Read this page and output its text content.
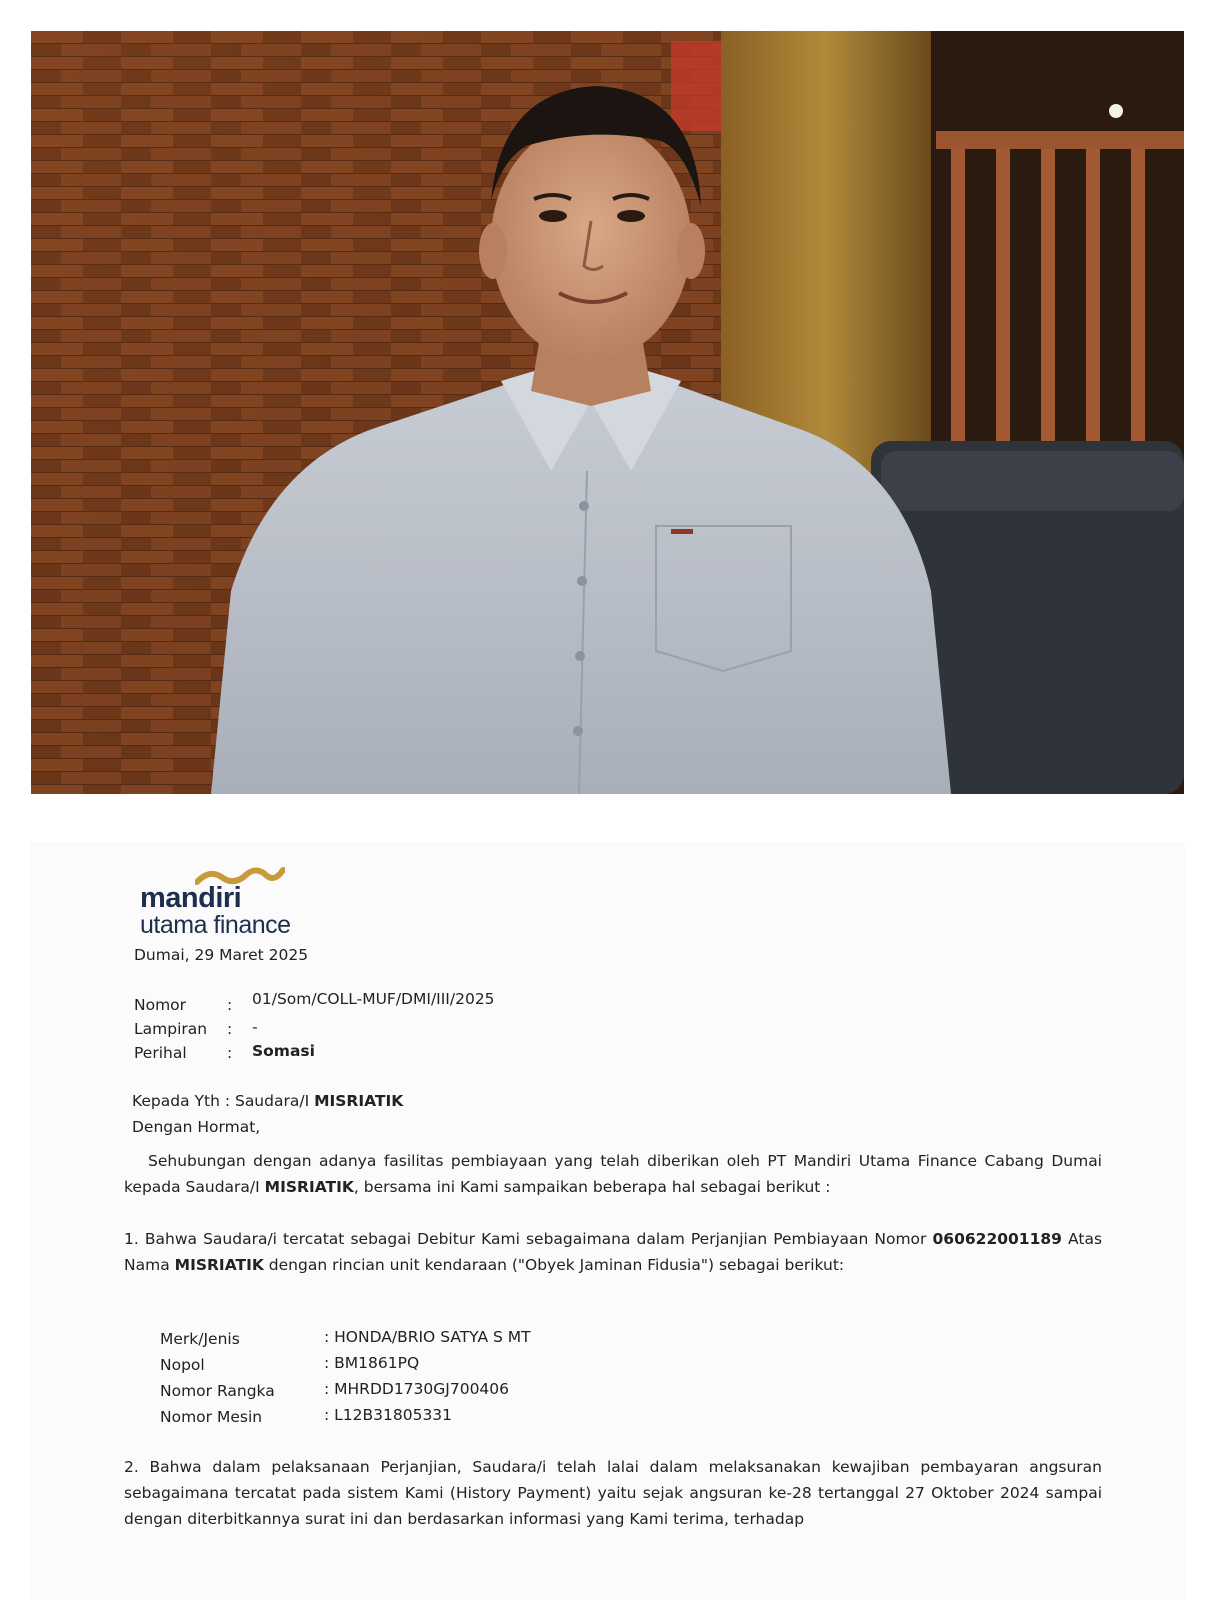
mandiri
utama finance
Dumai, 29 Maret 2025
Nomor	: 01/Som/COLL-MUF/DMI/III/2025
Lampiran : -
Perihal	: Somasi
Kepada Yth : Saudara/I MISRIATIK
Dengan Hormat,

Sehubungan dengan adanya fasilitas pembiayaan yang telah diberikan oleh PT Mandiri Utama Finance Cabang Dumai kepada Saudara/I MISRIATIK, bersama ini Kami sampaikan beberapa hal sebagai berikut :

1. Bahwa Saudara/i tercatat sebagai Debitur Kami sebagaimana dalam Perjanjian Pembiayaan Nomor 060622001189 Atas Nama MISRIATIK dengan rincian unit kendaraan ("Obyek Jaminan Fidusia") sebagai berikut:

Merk/Jenis	: HONDA/BRIO SATYA S MT
Nopol	: BM1861PQ
Nomor Rangka	: MHRDD1730GJ700406
Nomor Mesin	: L12B31805331

2. Bahwa dalam pelaksanaan Perjanjian, Saudara/i telah lalai dalam melaksanakan kewajiban pembayaran angsuran sebagaimana tercatat pada sistem Kami (History Payment) yaitu sejak angsuran ke-28 tertanggal 27 Oktober 2024 sampai dengan diterbitkannya surat ini dan berdasarkan informasi yang Kami terima, terhadap
